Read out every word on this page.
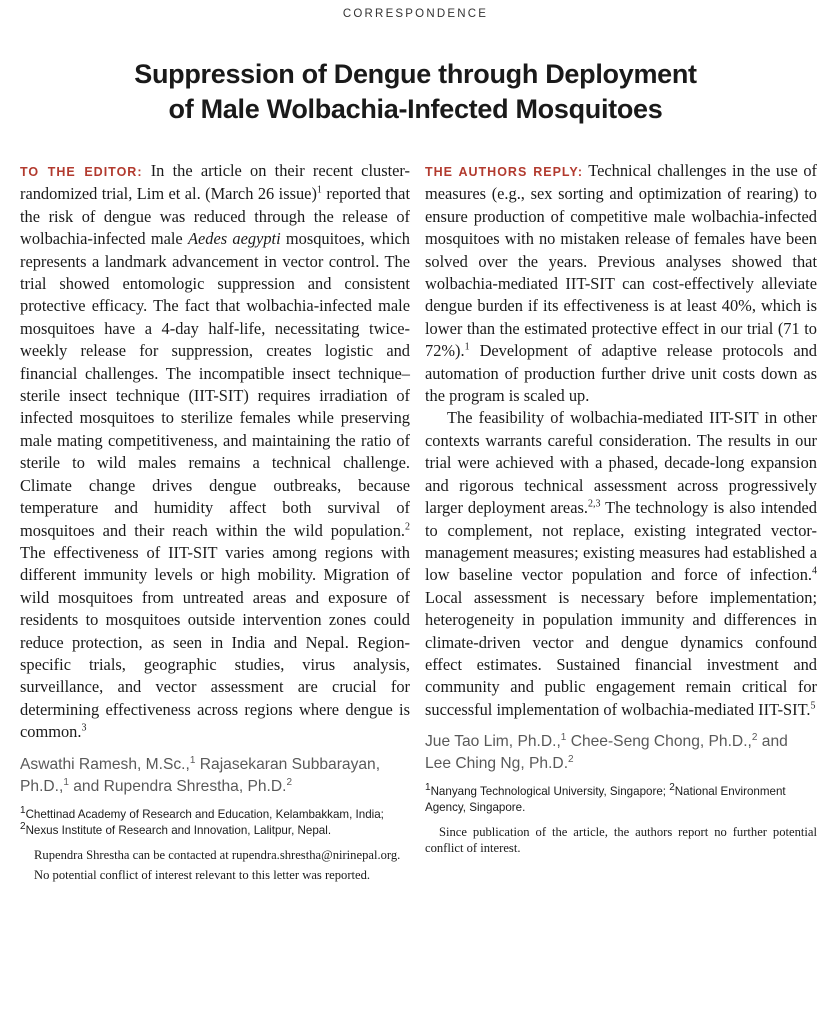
CORRESPONDENCE
Suppression of Dengue through Deployment
of Male Wolbachia-Infected Mosquitoes

TO THE EDITOR: In the article on their recent cluster-randomized trial, Lim et al. (March 26 issue)$^1$ reported that the risk of dengue was reduced through the release of wolbachia-infected male Aedes aegypti mosquitoes, which represents a landmark advancement in vector control. The trial showed entomologic suppression and consistent protective efficacy. The fact that wolbachia-infected male mosquitoes have a 4-day half-life, necessitating twice-weekly release for suppression, creates logistic and financial challenges. The incompatible insect technique–sterile insect technique (IIT-SIT) requires irradiation of infected mosquitoes to sterilize females while preserving male mating competitiveness, and maintaining the ratio of sterile to wild males remains a technical challenge. Climate change drives dengue outbreaks, because temperature and humidity affect both survival of mosquitoes and their reach within the wild population.$^2$ The effectiveness of IIT-SIT varies among regions with different immunity levels or high mobility. Migration of wild mosquitoes from untreated areas and exposure of residents to mosquitoes outside intervention zones could reduce protection, as seen in India and Nepal. Region-specific trials, geographic studies, virus analysis, surveillance, and vector assessment are crucial for determining effectiveness across regions where dengue is common.$^3$

Aswathi Ramesh, M.Sc.,$^1$ Rajasekaran Subbarayan, Ph.D.,$^1$ and Rupendra Shrestha, Ph.D.$^2$
$^1$Chettinad Academy of Research and Education, Kelambakkam, India; $^2$Nexus Institute of Research and Innovation, Lalitpur, Nepal.

Rupendra Shrestha can be contacted at rupendra.shrestha@nirinepal.org.

No potential conflict of interest relevant to this letter was reported.

THE AUTHORS REPLY: Technical challenges in the use of measures (e.g., sex sorting and optimization of rearing) to ensure production of competitive male wolbachia-infected mosquitoes with no mistaken release of females have been solved over the years. Previous analyses showed that wolbachia-mediated IIT-SIT can cost-effectively alleviate dengue burden if its effectiveness is at least 40%, which is lower than the estimated protective effect in our trial (71 to 72%).$^1$ Development of adaptive release protocols and automation of production further drive unit costs down as the program is scaled up.

The feasibility of wolbachia-mediated IIT-SIT in other contexts warrants careful consideration. The results in our trial were achieved with a phased, decade-long expansion and rigorous technical assessment across progressively larger deployment areas.$^{2,3}$ The technology is also intended to complement, not replace, existing integrated vector-management measures; existing measures had established a low baseline vector population and force of infection.$^4$ Local assessment is necessary before implementation; heterogeneity in population immunity and differences in climate-driven vector and dengue dynamics confound effect estimates. Sustained financial investment and community and public engagement remain critical for successful implementation of wolbachia-mediated IIT-SIT.$^5$

Jue Tao Lim, Ph.D.,$^1$ Chee-Seng Chong, Ph.D.,$^2$ and Lee Ching Ng, Ph.D.$^2$
$^1$Nanyang Technological University, Singapore; $^2$National Environment Agency, Singapore.

Since publication of the article, the authors report no further potential conflict of interest.
